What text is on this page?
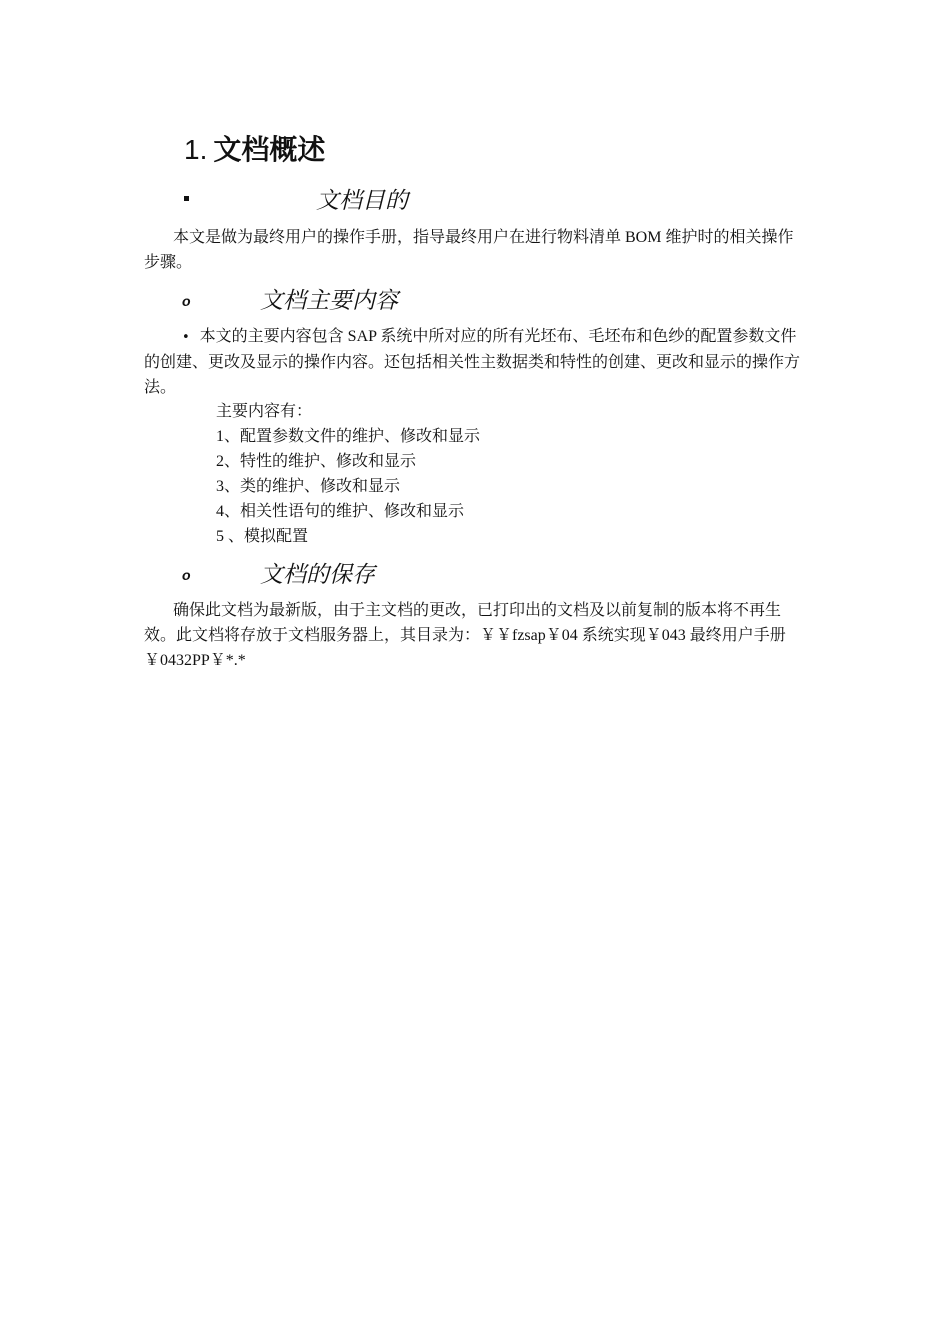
1. 文档概述
文档目的
本文是做为最终用户的操作手册，指导最终用户在进行物料清单 BOM 维护时的相关操作步骤。
o	文档主要内容
• 本文的主要内容包含 SAP 系统中所对应的所有光坯布、毛坯布和色纱的配置参数文件的创建、更改及显示的操作内容。还包括相关性主数据类和特性的创建、更改和显示的操作方法。
主要内容有：
1、配置参数文件的维护、修改和显示
2、特性的维护、修改和显示
3、类的维护、修改和显示
4、相关性语句的维护、修改和显示
5 、模拟配置
o	文档的保存
确保此文档为最新版，由于主文档的更改，已打印出的文档及以前复制的版本将不再生效。此文档将存放于文档服务器上，其目录为：￥￥fzsap￥04 系统实现￥043 最终用户手册￥0432PP￥*.*
